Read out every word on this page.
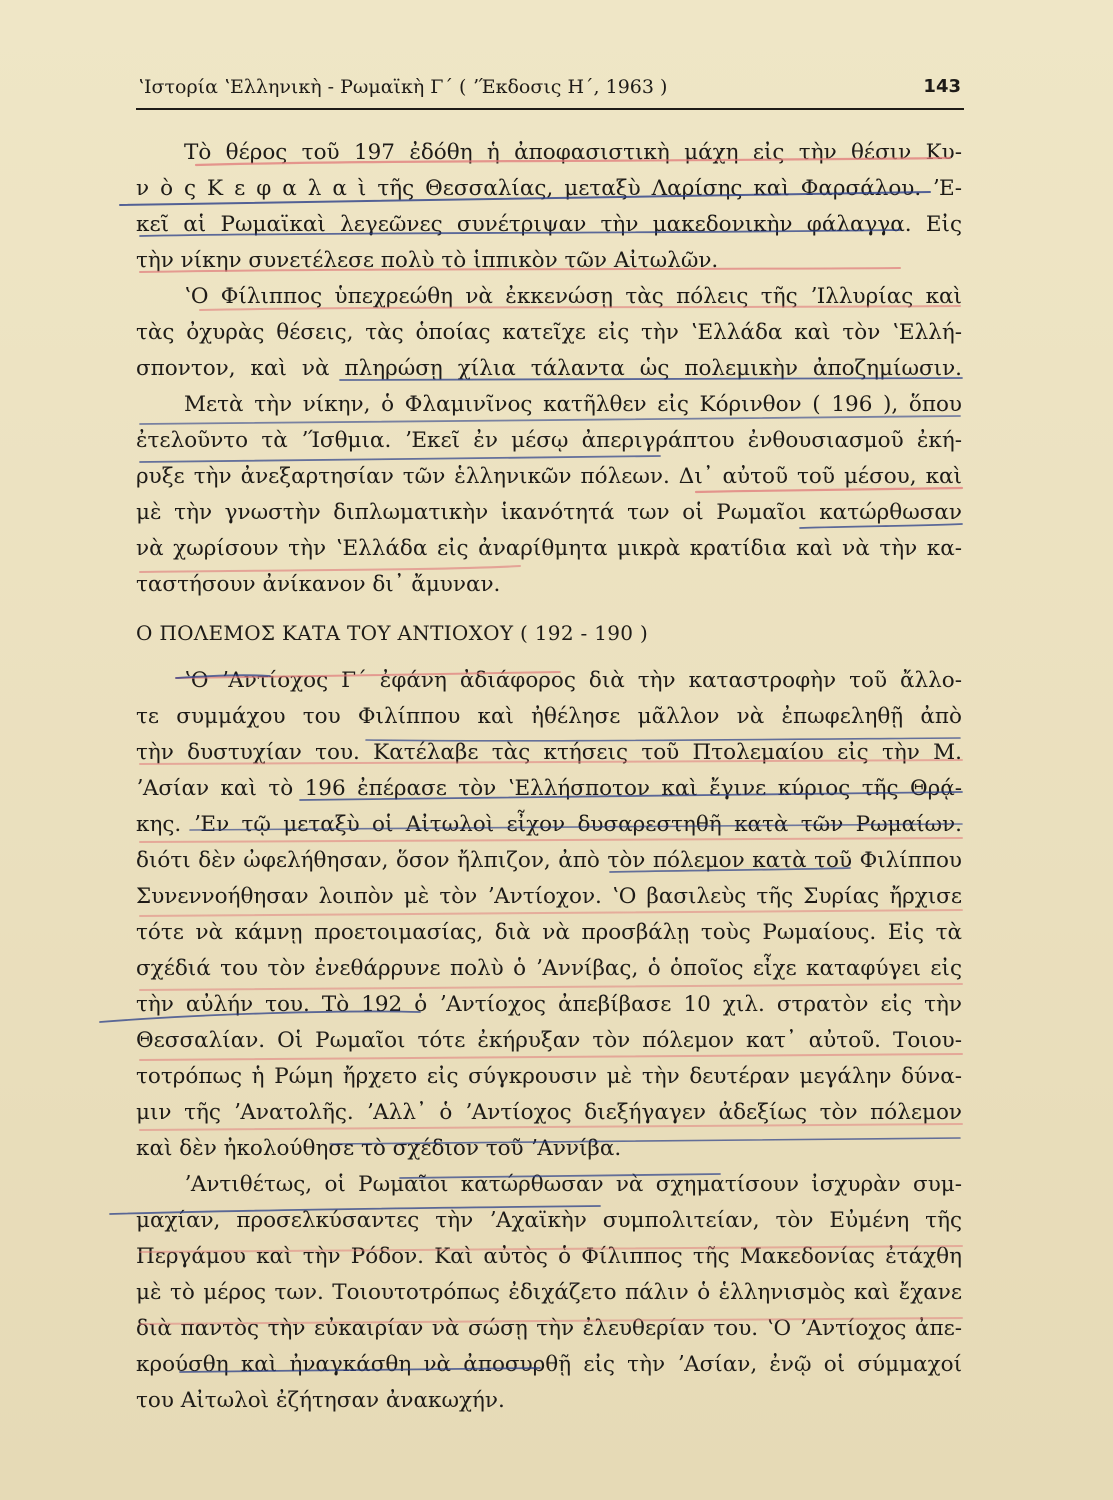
ʽΙστορία ʽΕλληνικὴ - Ρωμαϊκὴ Γ´ ( ʼΈκδοσις Η´, 1963 )	143
Τὸ θέρος τοῦ 197 ἐδόθη ἡ ἀποφασιστικὴ μάχη εἰς τὴν θέσιν Κυ-
ν ὸ ς Κ ε φ α λ α ὶ τῆς Θεσσαλίας, μεταξὺ Λαρίσης καὶ Φαρσάλου. ʼΕ-
κεῖ αἱ Ρωμαϊκαὶ λεγεῶνες συνέτριψαν τὴν μακεδονικὴν φάλαγγα. Εἰς
τὴν νίκην συνετέλεσε πολὺ τὸ ἱππικὸν τῶν Αἰτωλῶν.
ʽΟ Φίλιππος ὑπεχρεώθη νὰ ἐκκενώσῃ τὰς πόλεις τῆς ʼΙλλυρίας καὶ
τὰς ὀχυρὰς θέσεις, τὰς ὁποίας κατεῖχε εἰς τὴν ʽΕλλάδα καὶ τὸν ʽΕλλή-
σποντον, καὶ νὰ πληρώσῃ χίλια τάλαντα ὡς πολεμικὴν ἀποζημίωσιν.
Μετὰ τὴν νίκην, ὁ Φλαμινῖνος κατῆλθεν εἰς Κόρινθον ( 196 ), ὅπου
ἐτελοῦντο τὰ ʼΊσθμια. ʼΕκεῖ ἐν μέσῳ ἀπεριγράπτου ἐνθουσιασμοῦ ἐκή-
ρυξε τὴν ἀνεξαρτησίαν τῶν ἑλληνικῶν πόλεων. Δι᾽ αὐτοῦ τοῦ μέσου, καὶ
μὲ τὴν γνωστὴν διπλωματικὴν ἱκανότητά των οἱ Ρωμαῖοι κατώρθωσαν
νὰ χωρίσουν τὴν ʽΕλλάδα εἰς ἀναρίθμητα μικρὰ κρατίδια καὶ νὰ τὴν κα-
ταστήσουν ἀνίκανον δι᾽ ἄμυναν.
Ο ΠΟΛΕΜΟΣ ΚΑΤΑ ΤΟΥ ΑΝΤΙΟΧΟΥ ( 192 - 190 )
ʽΟ ʼΑντίοχος Γ´ ἐφάνη ἀδιάφορος διὰ τὴν καταστροφὴν τοῦ ἄλλο-
τε συμμάχου του Φιλίππου καὶ ἠθέλησε μᾶλλον νὰ ἐπωφεληθῇ ἀπὸ
τὴν δυστυχίαν του. Κατέλαβε τὰς κτήσεις τοῦ Πτολεμαίου εἰς τὴν Μ.
ʼΑσίαν καὶ τὸ 196 ἐπέρασε τὸν ʽΕλλήσποτον καὶ ἔγινε κύριος τῆς Θρᾴ-
κης. ʼΕν τῷ μεταξὺ οἱ Αἰτωλοὶ εἶχον δυσαρεστηθῆ κατὰ τῶν Ρωμαίων.
διότι δὲν ὠφελήθησαν, ὅσον ἤλπιζον, ἀπὸ τὸν πόλεμον κατὰ τοῦ Φιλίππου
Συνεννοήθησαν λοιπὸν μὲ τὸν ʼΑντίοχον. ʽΟ βασιλεὺς τῆς Συρίας ἤρχισε
τότε νὰ κάμνῃ προετοιμασίας, διὰ νὰ προσβάλῃ τοὺς Ρωμαίους. Εἰς τὰ
σχέδιά του τὸν ἐνεθάρρυνε πολὺ ὁ ʼΑννίβας, ὁ ὁποῖος εἶχε καταφύγει εἰς
τὴν αὐλήν του. Τὸ 192 ὁ ʼΑντίοχος ἀπεβίβασε 10 χιλ. στρατὸν εἰς τὴν
Θεσσαλίαν. Οἱ Ρωμαῖοι τότε ἐκήρυξαν τὸν πόλεμον κατ᾽ αὐτοῦ. Τοιου-
τοτρόπως ἡ Ρώμη ἤρχετο εἰς σύγκρουσιν μὲ τὴν δευτέραν μεγάλην δύνα-
μιν τῆς ʼΑνατολῆς. ʼΑλλ᾽ ὁ ʼΑντίοχος διεξήγαγεν ἀδεξίως τὸν πόλεμον
καὶ δὲν ἠκολούθησε τὸ σχέδιον τοῦ ʼΑννίβα.
ʼΑντιθέτως, οἱ Ρωμαῖοι κατώρθωσαν νὰ σχηματίσουν ἰσχυρὰν συμ-
μαχίαν, προσελκύσαντες τὴν ʼΑχαϊκὴν συμπολιτείαν, τὸν Εὐμένη τῆς
Περγάμου καὶ τὴν Ρόδον. Καὶ αὐτὸς ὁ Φίλιππος τῆς Μακεδονίας ἐτάχθη
μὲ τὸ μέρος των. Τοιουτοτρόπως ἐδιχάζετο πάλιν ὁ ἑλληνισμὸς καὶ ἔχανε
διὰ παντὸς τὴν εὐκαιρίαν νὰ σώσῃ τὴν ἐλευθερίαν του. ʽΟ ʼΑντίοχος ἀπε-
κρούσθη καὶ ἠναγκάσθη νὰ ἀποσυρθῇ εἰς τὴν ʼΑσίαν, ἐνῷ οἱ σύμμαχοί
του Αἰτωλοὶ ἐζήτησαν ἀνακωχήν.
